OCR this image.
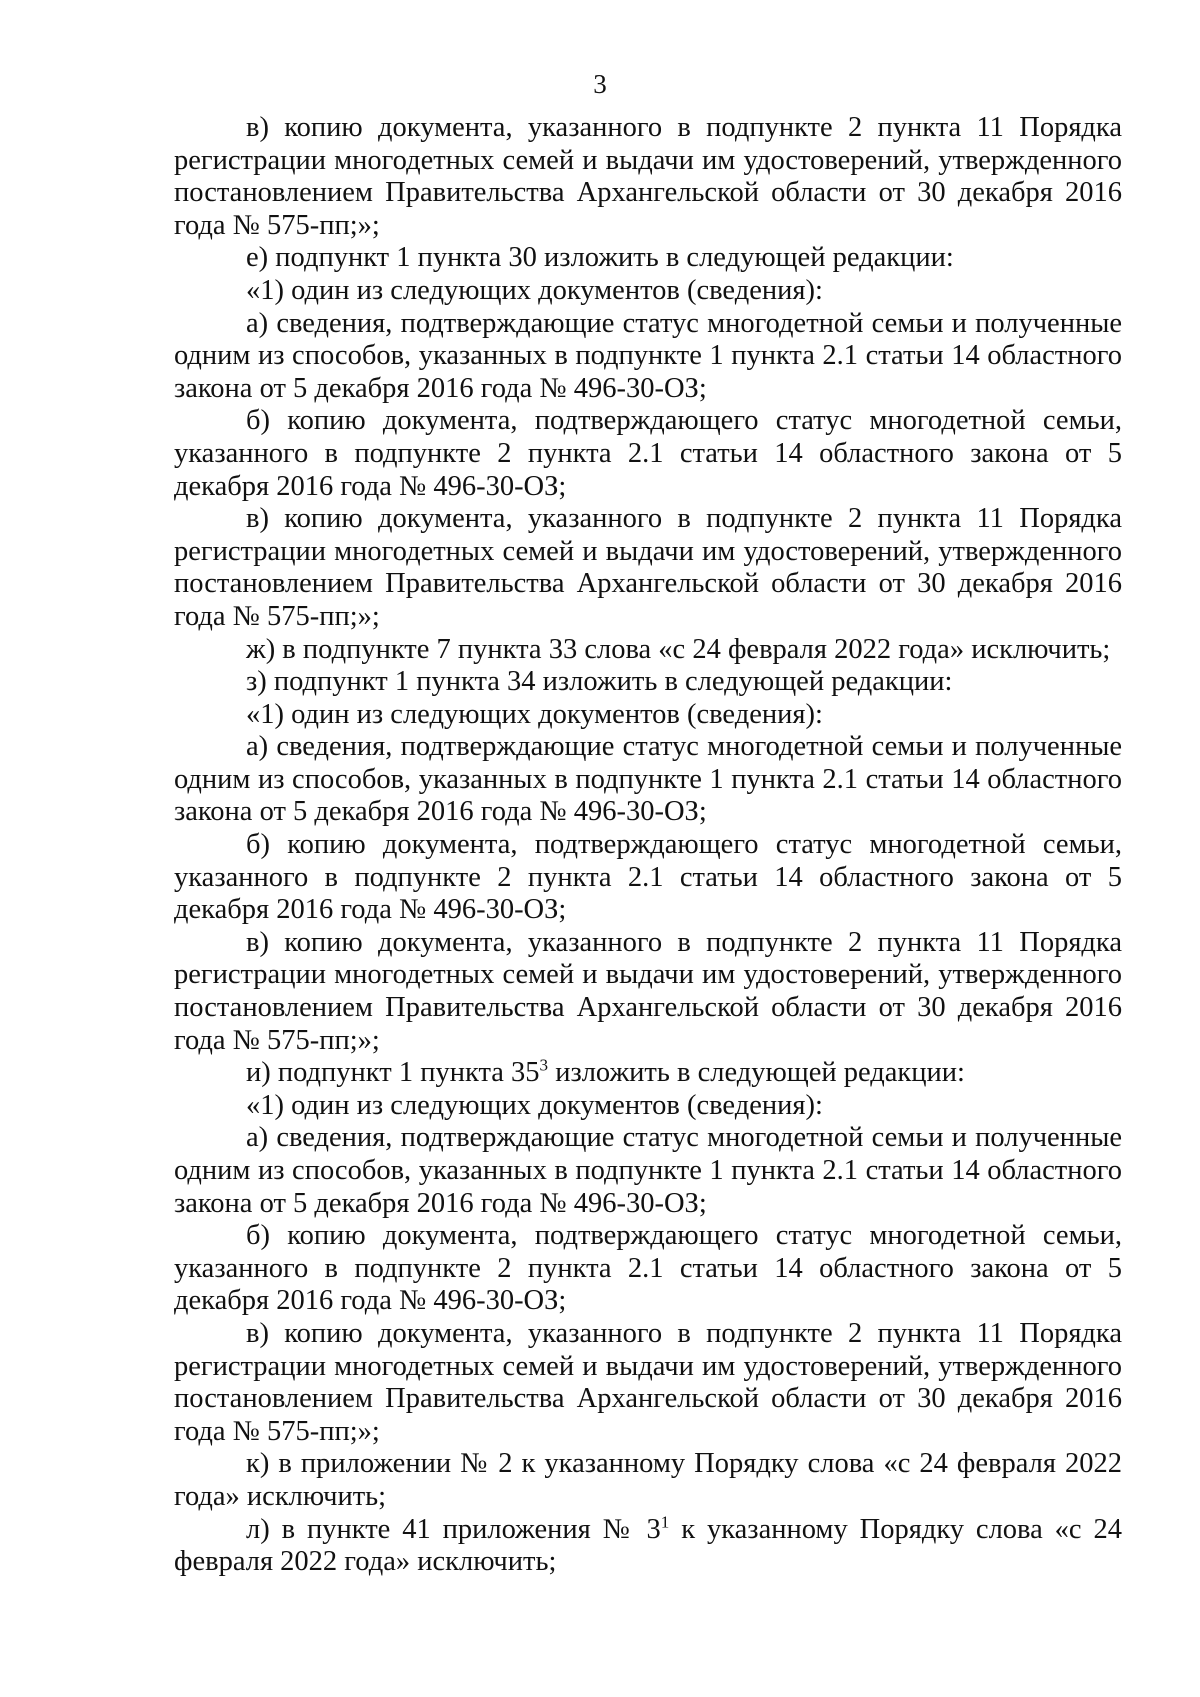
3

в) копию документа, указанного в подпункте 2 пункта 11 Порядка регистрации многодетных семей и выдачи им удостоверений, утвержденного постановлением Правительства Архангельской области от 30 декабря 2016 года № 575-пп;»;

е) подпункт 1 пункта 30 изложить в следующей редакции:

«1) один из следующих документов (сведения):

а) сведения, подтверждающие статус многодетной семьи и полученные одним из способов, указанных в подпункте 1 пункта 2.1 статьи 14 областного закона от 5 декабря 2016 года № 496-30-ОЗ;

б) копию документа, подтверждающего статус многодетной семьи, указанного в подпункте 2 пункта 2.1 статьи 14 областного закона от 5 декабря 2016 года № 496-30-ОЗ;

в) копию документа, указанного в подпункте 2 пункта 11 Порядка регистрации многодетных семей и выдачи им удостоверений, утвержденного постановлением Правительства Архангельской области от 30 декабря 2016 года № 575-пп;»;

ж) в подпункте 7 пункта 33 слова «с 24 февраля 2022 года» исключить;

з) подпункт 1 пункта 34 изложить в следующей редакции:

«1) один из следующих документов (сведения):

а) сведения, подтверждающие статус многодетной семьи и полученные одним из способов, указанных в подпункте 1 пункта 2.1 статьи 14 областного закона от 5 декабря 2016 года № 496-30-ОЗ;

б) копию документа, подтверждающего статус многодетной семьи, указанного в подпункте 2 пункта 2.1 статьи 14 областного закона от 5 декабря 2016 года № 496-30-ОЗ;

в) копию документа, указанного в подпункте 2 пункта 11 Порядка регистрации многодетных семей и выдачи им удостоверений, утвержденного постановлением Правительства Архангельской области от 30 декабря 2016 года № 575-пп;»;

и) подпункт 1 пункта $35^3$ изложить в следующей редакции:

«1) один из следующих документов (сведения):

а) сведения, подтверждающие статус многодетной семьи и полученные одним из способов, указанных в подпункте 1 пункта 2.1 статьи 14 областного закона от 5 декабря 2016 года № 496-30-ОЗ;

б) копию документа, подтверждающего статус многодетной семьи, указанного в подпункте 2 пункта 2.1 статьи 14 областного закона от 5 декабря 2016 года № 496-30-ОЗ;

в) копию документа, указанного в подпункте 2 пункта 11 Порядка регистрации многодетных семей и выдачи им удостоверений, утвержденного постановлением Правительства Архангельской области от 30 декабря 2016 года № 575-пп;»;

к) в приложении № 2 к указанному Порядку слова «с 24 февраля 2022 года» исключить;

л) в пункте 41 приложения № $3^1$ к указанному Порядку слова «с 24 февраля 2022 года» исключить;
